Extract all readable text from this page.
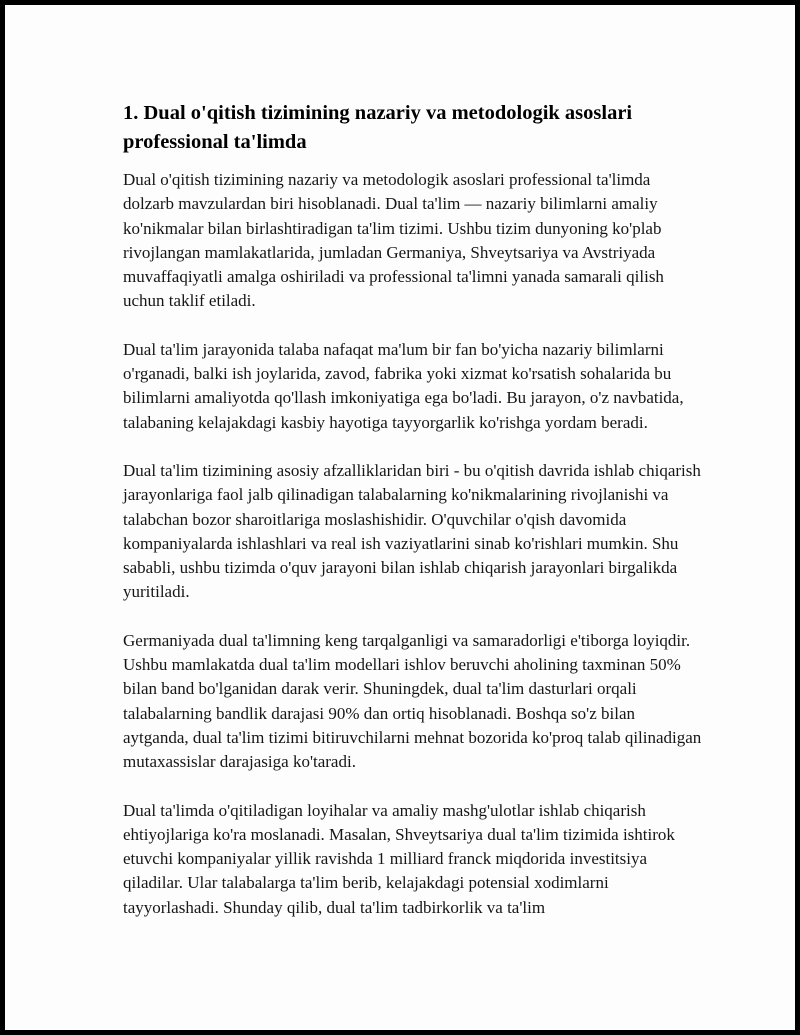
1. Dual o'qitish tizimining nazariy va metodologik asoslari professional ta'limda

Dual o'qitish tizimining nazariy va metodologik asoslari professional ta'limda dolzarb mavzulardan biri hisoblanadi. Dual ta'lim — nazariy bilimlarni amaliy ko'nikmalar bilan birlashtiradigan ta'lim tizimi. Ushbu tizim dunyoning ko'plab rivojlangan mamlakatlarida, jumladan Germaniya, Shveytsariya va Avstriyada muvaffaqiyatli amalga oshiriladi va professional ta'limni yanada samarali qilish uchun taklif etiladi.

Dual ta'lim jarayonida talaba nafaqat ma'lum bir fan bo'yicha nazariy bilimlarni o'rganadi, balki ish joylarida, zavod, fabrika yoki xizmat ko'rsatish sohalarida bu bilimlarni amaliyotda qo'llash imkoniyatiga ega bo'ladi. Bu jarayon, o'z navbatida, talabaning kelajakdagi kasbiy hayotiga tayyorgarlik ko'rishga yordam beradi.

Dual ta'lim tizimining asosiy afzalliklaridan biri - bu o'qitish davrida ishlab chiqarish jarayonlariga faol jalb qilinadigan talabalarning ko'nikmalarining rivojlanishi va talabchan bozor sharoitlariga moslashishidir. O'quvchilar o'qish davomida kompaniyalarda ishlashlari va real ish vaziyatlarini sinab ko'rishlari mumkin. Shu sababli, ushbu tizimda o'quv jarayoni bilan ishlab chiqarish jarayonlari birgalikda yuritiladi.

Germaniyada dual ta'limning keng tarqalganligi va samaradorligi e'tiborga loyiqdir. Ushbu mamlakatda dual ta'lim modellari ishlov beruvchi aholining taxminan 50% bilan band bo'lganidan darak verir. Shuningdek, dual ta'lim dasturlari orqali talabalarning bandlik darajasi 90% dan ortiq hisoblanadi. Boshqa so'z bilan aytganda, dual ta'lim tizimi bitiruvchilarni mehnat bozorida ko'proq talab qilinadigan mutaxassislar darajasiga ko'taradi.

Dual ta'limda o'qitiladigan loyihalar va amaliy mashg'ulotlar ishlab chiqarish ehtiyojlariga ko'ra moslanadi. Masalan, Shveytsariya dual ta'lim tizimida ishtirok etuvchi kompaniyalar yillik ravishda 1 milliard franck miqdorida investitsiya qiladilar. Ular talabalarga ta'lim berib, kelajakdagi potensial xodimlarni tayyorlashadi. Shunday qilib, dual ta'lim tadbirkorlik va ta'lim
